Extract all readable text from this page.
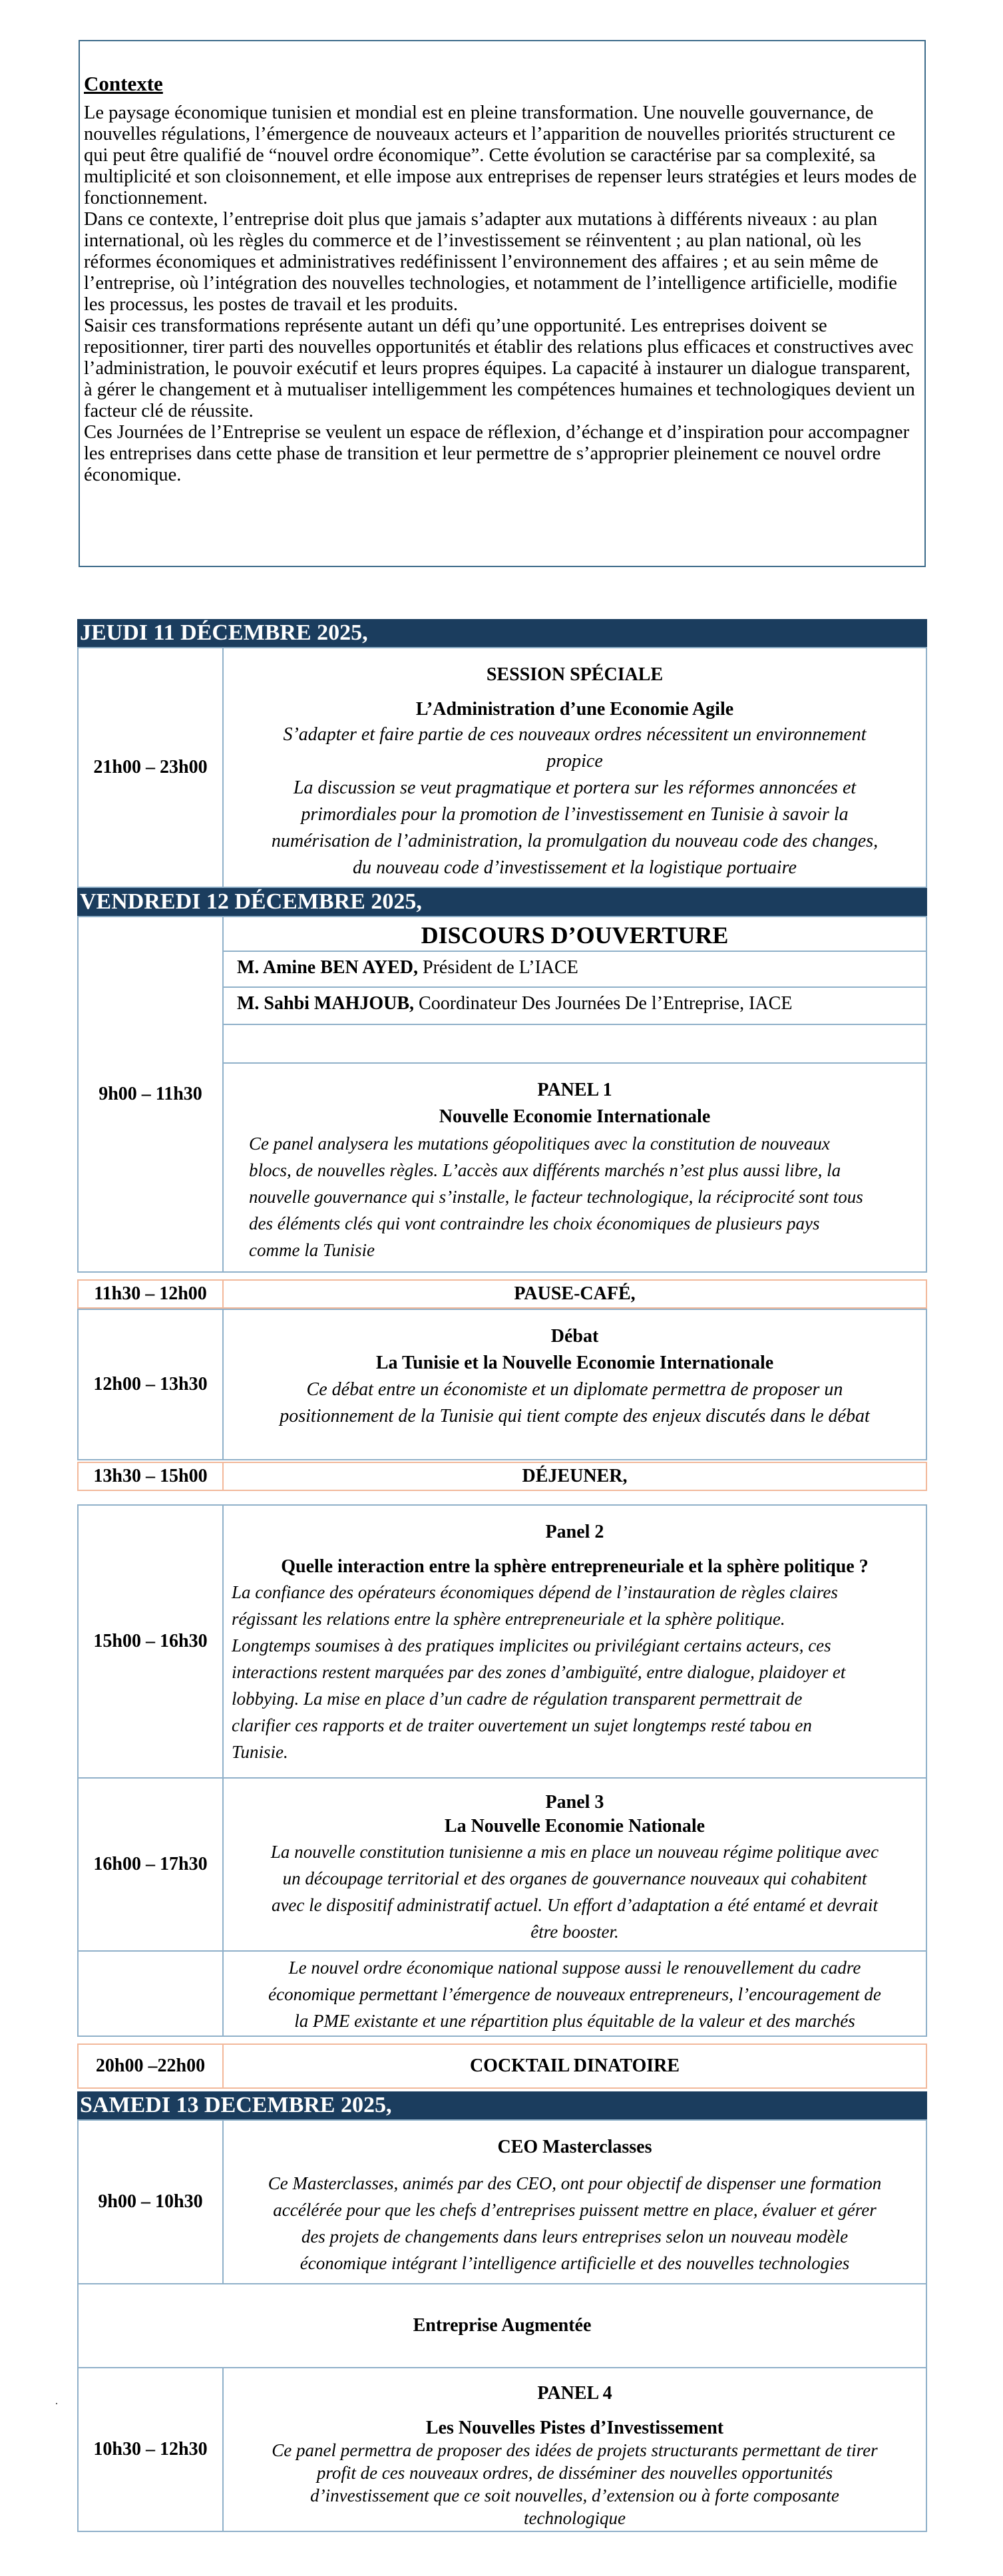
Contexte

Le paysage économique tunisien et mondial est en pleine transformation. Une nouvelle gouvernance, de nouvelles régulations, l’émergence de nouveaux acteurs et l’apparition de nouvelles priorités structurent ce qui peut être qualifié de “nouvel ordre économique”. Cette évolution se caractérise par sa complexité, sa multiplicité et son cloisonnement, et elle impose aux entreprises de repenser leurs stratégies et leurs modes de fonctionnement.

Dans ce contexte, l’entreprise doit plus que jamais s’adapter aux mutations à différents niveaux : au plan international, où les règles du commerce et de l’investissement se réinventent ; au plan national, où les réformes économiques et administratives redéfinissent l’environnement des affaires ; et au sein même de l’entreprise, où l’intégration des nouvelles technologies, et notamment de l’intelligence artificielle, modifie les processus, les postes de travail et les produits.

Saisir ces transformations représente autant un défi qu’une opportunité. Les entreprises doivent se repositionner, tirer parti des nouvelles opportunités et établir des relations plus efficaces et constructives avec l’administration, le pouvoir exécutif et leurs propres équipes. La capacité à instaurer un dialogue transparent, à gérer le changement et à mutualiser intelligemment les compétences humaines et technologiques devient un facteur clé de réussite.

Ces Journées de l’Entreprise se veulent un espace de réflexion, d’échange et d’inspiration pour accompagner les entreprises dans cette phase de transition et leur permettre de s’approprier pleinement ce nouvel ordre économique.

JEUDI 11 DÉCEMBRE 2025,
21h00 – 23h00
SESSION SPÉCIALE
L’Administration d’une Economie Agile
S’adapter et faire partie de ces nouveaux ordres nécessitent un environnement
propice
La discussion se veut pragmatique et portera sur les réformes annoncées et
primordiales pour la promotion de l’investissement en Tunisie à savoir la
numérisation de l’administration, la promulgation du nouveau code des changes,
du nouveau code d’investissement et la logistique portuaire
VENDREDI 12 DÉCEMBRE 2025,
9h00 – 11h30
DISCOURS D’OUVERTURE
M. Amine BEN AYED, Président de L’IACE
M. Sahbi MAHJOUB, Coordinateur Des Journées De l’Entreprise, IACE
PANEL 1
Nouvelle Economie Internationale
Ce panel analysera les mutations géopolitiques avec la constitution de nouveaux
blocs, de nouvelles règles. L’accès aux différents marchés n’est plus aussi libre, la
nouvelle gouvernance qui s’installe, le facteur technologique, la réciprocité sont tous
des éléments clés qui vont contraindre les choix économiques de plusieurs pays
comme la Tunisie
11h30 – 12h00	PAUSE-CAFÉ,
12h00 – 13h30
Débat
La Tunisie et la Nouvelle Economie Internationale
Ce débat entre un économiste et un diplomate permettra de proposer un
positionnement de la Tunisie qui tient compte des enjeux discutés dans le débat
13h30 – 15h00	DÉJEUNER,
15h00 – 16h30
Panel 2
Quelle interaction entre la sphère entrepreneuriale et la sphère politique ?
La confiance des opérateurs économiques dépend de l’instauration de règles claires
régissant les relations entre la sphère entrepreneuriale et la sphère politique.
Longtemps soumises à des pratiques implicites ou privilégiant certains acteurs, ces
interactions restent marquées par des zones d’ambiguïté, entre dialogue, plaidoyer et
lobbying. La mise en place d’un cadre de régulation transparent permettrait de
clarifier ces rapports et de traiter ouvertement un sujet longtemps resté tabou en
Tunisie.
16h00 – 17h30
Panel 3
La Nouvelle Economie Nationale
La nouvelle constitution tunisienne a mis en place un nouveau régime politique avec
un découpage territorial et des organes de gouvernance nouveaux qui cohabitent
avec le dispositif administratif actuel. Un effort d’adaptation a été entamé et devrait
être booster.
Le nouvel ordre économique national suppose aussi le renouvellement du cadre
économique permettant l’émergence de nouveaux entrepreneurs, l’encouragement de
la PME existante et une répartition plus équitable de la valeur et des marchés
20h00 –22h00	COCKTAIL DINATOIRE
SAMEDI 13 DECEMBRE 2025,
9h00 – 10h30
CEO Masterclasses
Ce Masterclasses, animés par des CEO, ont pour objectif de dispenser une formation
accélérée pour que les chefs d’entreprises puissent mettre en place, évaluer et gérer
des projets de changements dans leurs entreprises selon un nouveau modèle
économique intégrant l’intelligence artificielle et des nouvelles technologies
Entreprise Augmentée
10h30 – 12h30
PANEL 4
Les Nouvelles Pistes d’Investissement
Ce panel permettra de proposer des idées de projets structurants permettant de tirer
profit de ces nouveaux ordres, de disséminer des nouvelles opportunités
d’investissement que ce soit nouvelles, d’extension ou à forte composante
technologique
